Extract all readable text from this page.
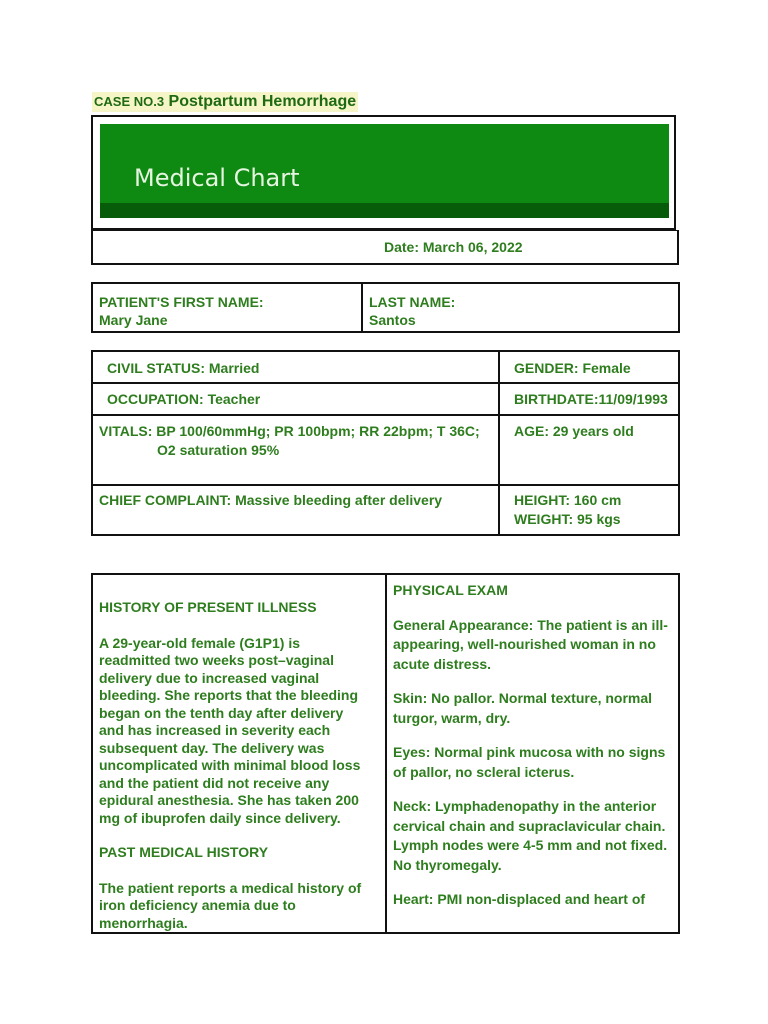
CASE NO.3 Postpartum Hemorrhage
Medical Chart
Date: March 06, 2022
PATIENT'S FIRST NAME:
Mary Jane

LAST NAME:
Santos
CIVIL STATUS: Married	GENDER: Female
OCCUPATION: Teacher	BIRTHDATE:11/09/1993

VITALS: BP 100/60mmHg; PR 100bpm; RR 22bpm; T 36C;
O2 saturation 95%	AGE: 29 years old
CHIEF COMPLAINT: Massive bleeding after delivery	HEIGHT: 160 cm
WEIGHT: 95 kgs

HISTORY OF PRESENT ILLNESS

A 29-year-old female (G1P1) is readmitted two weeks post–vaginal delivery due to increased vaginal bleeding. She reports that the bleeding began on the tenth day after delivery and has increased in severity each subsequent day. The delivery was uncomplicated with minimal blood loss and the patient did not receive any epidural anesthesia. She has taken 200 mg of ibuprofen daily since delivery.

PAST MEDICAL HISTORY

The patient reports a medical history of iron deficiency anemia due to menorrhagia.

PHYSICAL EXAM

General Appearance: The patient is an ill-appearing, well-nourished woman in no acute distress.

Skin: No pallor. Normal texture, normal turgor, warm, dry.

Eyes: Normal pink mucosa with no signs of pallor, no scleral icterus.

Neck: Lymphadenopathy in the anterior cervical chain and supraclavicular chain. Lymph nodes were 4-5 mm and not fixed. No thyromegaly.

Heart: PMI non-displaced and heart of
